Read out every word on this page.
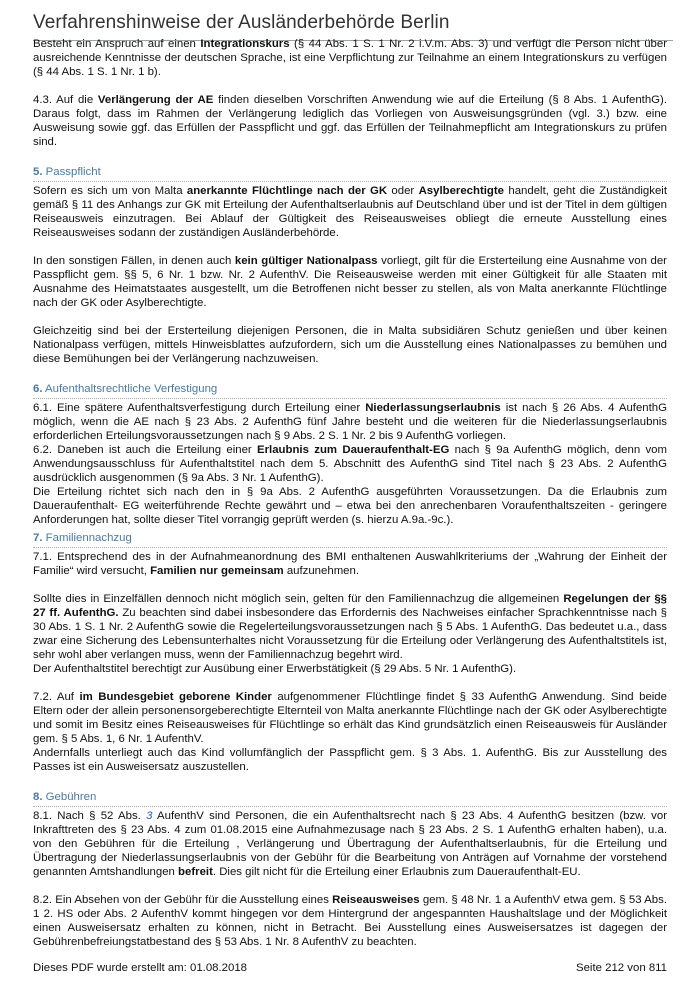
Verfahrenshinweise der Ausländerbehörde Berlin

Besteht ein Anspruch auf einen Integrationskurs (§ 44 Abs. 1 S. 1 Nr. 2 i.V.m. Abs. 3) und verfügt die Person nicht über ausreichende Kenntnisse der deutschen Sprache, ist eine Verpflichtung zur Teilnahme an einem Integrationskurs zu verfügen (§ 44 Abs. 1 S. 1 Nr. 1 b).

4.3. Auf die Verlängerung der AE finden dieselben Vorschriften Anwendung wie auf die Erteilung (§ 8 Abs. 1 AufenthG). Daraus folgt, dass im Rahmen der Verlängerung lediglich das Vorliegen von Ausweisungsgründen (vgl. 3.) bzw. eine Ausweisung sowie ggf. das Erfüllen der Passpflicht und ggf. das Erfüllen der Teilnahmepflicht am Integrationskurs zu prüfen sind.

5. Passpflicht

Sofern es sich um von Malta anerkannte Flüchtlinge nach der GK oder Asylberechtigte handelt, geht die Zuständigkeit gemäß § 11 des Anhangs zur GK mit Erteilung der Aufenthaltserlaubnis auf Deutschland über und ist der Titel in dem gültigen Reiseausweis einzutragen. Bei Ablauf der Gültigkeit des Reiseausweises obliegt die erneute Ausstellung eines Reiseausweises sodann der zuständigen Ausländerbehörde.

In den sonstigen Fällen, in denen auch kein gültiger Nationalpass vorliegt, gilt für die Ersterteilung eine Ausnahme von der Passpflicht gem. §§ 5, 6 Nr. 1 bzw. Nr. 2 AufenthV. Die Reiseausweise werden mit einer Gültigkeit für alle Staaten mit Ausnahme des Heimatstaates ausgestellt, um die Betroffenen nicht besser zu stellen, als von Malta anerkannte Flüchtlinge nach der GK oder Asylberechtigte.

Gleichzeitig sind bei der Ersterteilung diejenigen Personen, die in Malta subsidiären Schutz genießen und über keinen Nationalpass verfügen, mittels Hinweisblattes aufzufordern, sich um die Ausstellung eines Nationalpasses zu bemühen und diese Bemühungen bei der Verlängerung nachzuweisen.

6. Aufenthaltsrechtliche Verfestigung

6.1. Eine spätere Aufenthaltsverfestigung durch Erteilung einer Niederlassungserlaubnis ist nach § 26 Abs. 4 AufenthG möglich, wenn die AE nach § 23 Abs. 2 AufenthG fünf Jahre besteht und die weiteren für die Niederlassungserlaubnis erforderlichen Erteilungsvoraussetzungen nach § 9 Abs. 2 S. 1 Nr. 2 bis 9 AufenthG vorliegen.

6.2. Daneben ist auch die Erteilung einer Erlaubnis zum Daueraufenthalt-EG nach § 9a AufenthG möglich, denn vom Anwendungsausschluss für Aufenthaltstitel nach dem 5. Abschnitt des AufenthG sind Titel nach § 23 Abs. 2 AufenthG ausdrücklich ausgenommen (§ 9a Abs. 3 Nr. 1 AufenthG).

Die Erteilung richtet sich nach den in § 9a Abs. 2 AufenthG ausgeführten Voraussetzungen. Da die Erlaubnis zum Daueraufenthalt- EG weiterführende Rechte gewährt und – etwa bei den anrechenbaren Voraufenthaltszeiten - geringere Anforderungen hat, sollte dieser Titel vorrangig geprüft werden (s. hierzu A.9a.-9c.).

7. Familiennachzug

7.1. Entsprechend des in der Aufnahmeanordnung des BMI enthaltenen Auswahlkriteriums der „Wahrung der Einheit der Familie“ wird versucht, Familien nur gemeinsam aufzunehmen.

Sollte dies in Einzelfällen dennoch nicht möglich sein, gelten für den Familiennachzug die allgemeinen Regelungen der §§ 27 ff. AufenthG. Zu beachten sind dabei insbesondere das Erfordernis des Nachweises einfacher Sprachkenntnisse nach § 30 Abs. 1 S. 1 Nr. 2 AufenthG sowie die Regelerteilungsvoraussetzungen nach § 5 Abs. 1 AufenthG. Das bedeutet u.a., dass zwar eine Sicherung des Lebensunterhaltes nicht Voraussetzung für die Erteilung oder Verlängerung des Aufenthaltstitels ist, sehr wohl aber verlangen muss, wenn der Familiennachzug begehrt wird.

Der Aufenthaltstitel berechtigt zur Ausübung einer Erwerbstätigkeit (§ 29 Abs. 5 Nr. 1 AufenthG).

7.2. Auf im Bundesgebiet geborene Kinder aufgenommener Flüchtlinge findet § 33 AufenthG Anwendung. Sind beide Eltern oder der allein personensorgeberechtigte Elternteil von Malta anerkannte Flüchtlinge nach der GK oder Asylberechtigte und somit im Besitz eines Reiseausweises für Flüchtlinge so erhält das Kind grundsätzlich einen Reiseausweis für Ausländer gem. § 5 Abs. 1, 6 Nr. 1 AufenthV.

Andernfalls unterliegt auch das Kind vollumfänglich der Passpflicht gem. § 3 Abs. 1. AufenthG. Bis zur Ausstellung des Passes ist ein Ausweisersatz auszustellen.

8. Gebühren

8.1. Nach § 52 Abs. 3 AufenthV sind Personen, die ein Aufenthaltsrecht nach § 23 Abs. 4 AufenthG besitzen (bzw. vor Inkrafttreten des § 23 Abs. 4 zum 01.08.2015 eine Aufnahmezusage nach § 23 Abs. 2 S. 1 AufenthG erhalten haben), u.a. von den Gebühren für die Erteilung , Verlängerung und Übertragung der Aufenthaltserlaubnis, für die Erteilung und Übertragung der Niederlassungserlaubnis von der Gebühr für die Bearbeitung von Anträgen auf Vornahme der vorstehend genannten Amtshandlungen befreit. Dies gilt nicht für die Erteilung einer Erlaubnis zum Daueraufenthalt-EU.

8.2. Ein Absehen von der Gebühr für die Ausstellung eines Reiseausweises gem. § 48 Nr. 1 a AufenthV etwa gem. § 53 Abs. 1 2. HS oder Abs. 2 AufenthV kommt hingegen vor dem Hintergrund der angespannten Haushaltslage und der Möglichkeit einen Ausweisersatz erhalten zu können, nicht in Betracht. Bei Ausstellung eines Ausweisersatzes ist dagegen der Gebührenbefreiungstatbestand des § 53 Abs. 1 Nr. 8 AufenthV zu beachten.

Dieses PDF wurde erstellt am: 01.08.2018	Seite 212 von 811
